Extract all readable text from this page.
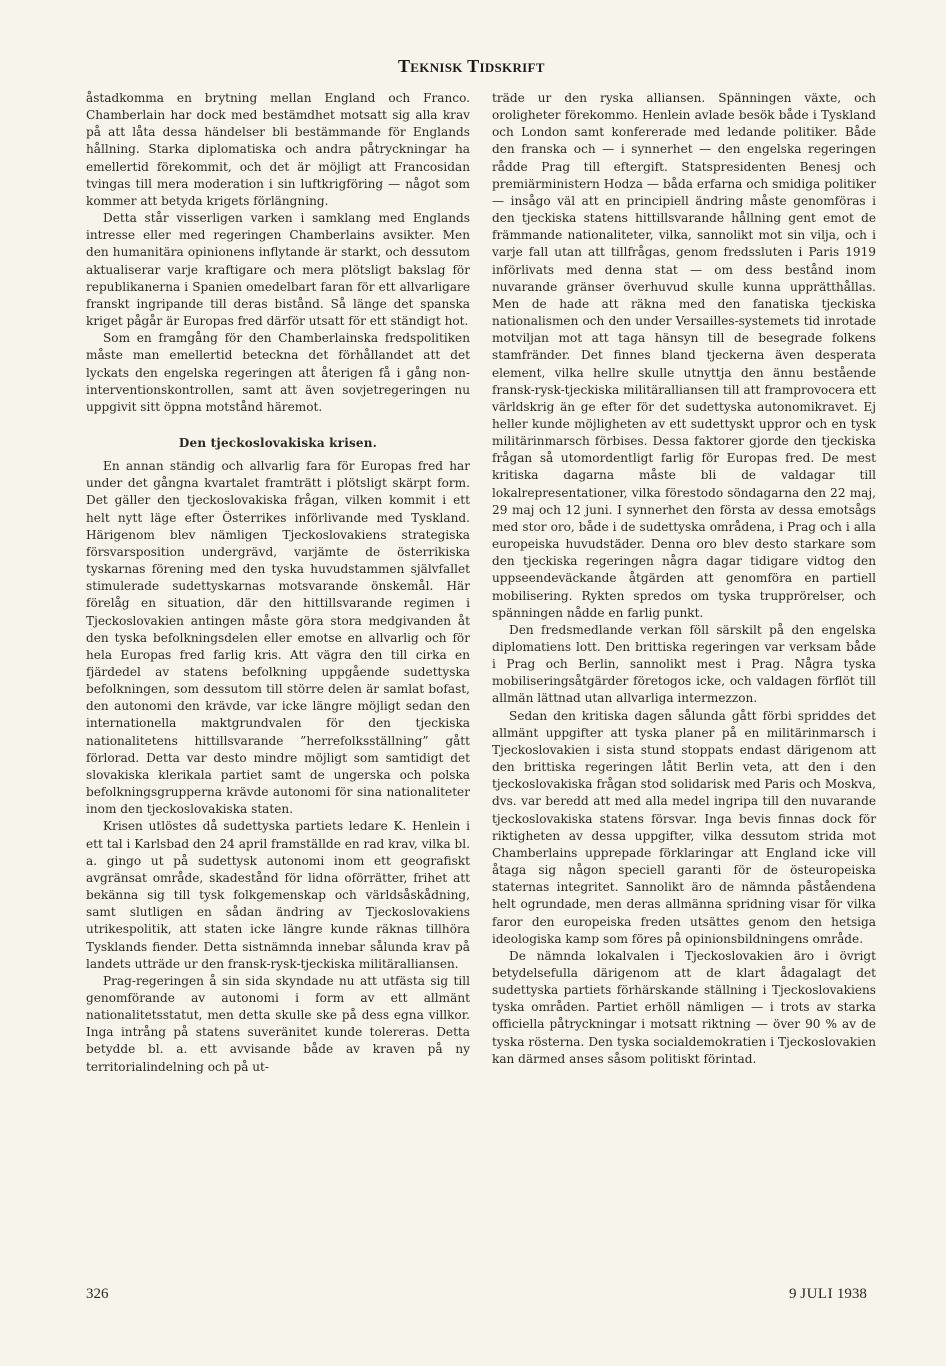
Teknisk Tidskrift

åstadkomma en brytning mellan England och Franco. Chamberlain har dock med bestämdhet motsatt sig alla krav på att låta dessa händelser bli bestämmande för Englands hållning. Starka diplomatiska och andra påtryckningar ha emellertid förekommit, och det är möjligt att Francosidan tvingas till mera moderation i sin luftkrigföring — något som kommer att betyda krigets förlängning.

Detta står visserligen varken i samklang med Englands intresse eller med regeringen Chamberlains avsikter. Men den humanitära opinionens inflytande är starkt, och dessutom aktualiserar varje kraftigare och mera plötsligt bakslag för republikanerna i Spanien omedelbart faran för ett allvarligare franskt ingripande till deras bistånd. Så länge det spanska kriget pågår är Europas fred därför utsatt för ett ständigt hot.

Som en framgång för den Chamberlainska fredspolitiken måste man emellertid beteckna det förhållandet att det lyckats den engelska regeringen att återigen få i gång non-interventionskontrollen, samt att även sovjetregeringen nu uppgivit sitt öppna motstånd häremot.

Den tjeckoslovakiska krisen.

En annan ständig och allvarlig fara för Europas fred har under det gångna kvartalet framträtt i plötsligt skärpt form. Det gäller den tjeckoslovakiska frågan, vilken kommit i ett helt nytt läge efter Österrikes införlivande med Tyskland. Härigenom blev nämligen Tjeckoslovakiens strategiska försvarsposition undergrävd, varjämte de österrikiska tyskarnas förening med den tyska huvudstammen självfallet stimulerade sudettyskarnas motsvarande önskemål. Här förelåg en situation, där den hittillsvarande regimen i Tjeckoslovakien antingen måste göra stora medgivanden åt den tyska befolkningsdelen eller emotse en allvarlig och för hela Europas fred farlig kris. Att vägra den till cirka en fjärdedel av statens befolkning uppgående sudettyska befolkningen, som dessutom till större delen är samlat bofast, den autonomi den krävde, var icke längre möjligt sedan den internationella maktgrundvalen för den tjeckiska nationalitetens hittillsvarande ”herrefolksställning” gått förlorad. Detta var desto mindre möjligt som samtidigt det slovakiska klerikala partiet samt de ungerska och polska befolkningsgrupperna krävde autonomi för sina nationaliteter inom den tjeckoslovakiska staten.

Krisen utlöstes då sudettyska partiets ledare K. Henlein i ett tal i Karlsbad den 24 april framställde en rad krav, vilka bl. a. gingo ut på sudettysk autonomi inom ett geografiskt avgränsat område, skadestånd för lidna oförrätter, frihet att bekänna sig till tysk folkgemenskap och världsåskådning, samt slutligen en sådan ändring av Tjeckoslovakiens utrikespolitik, att staten icke längre kunde räknas tillhöra Tysklands fiender. Detta sistnämnda innebar sålunda krav på landets utträde ur den fransk-rysk-tjeckiska militäralliansen.

Prag-regeringen å sin sida skyndade nu att utfästa sig till genomförande av autonomi i form av ett allmänt nationalitetsstatut, men detta skulle ske på dess egna villkor. Inga intrång på statens suveränitet kunde tolereras. Detta betydde bl. a. ett avvisande både av kraven på ny territorialindelning och på ut-

träde ur den ryska alliansen. Spänningen växte, och oroligheter förekommo. Henlein avlade besök både i Tyskland och London samt konfererade med ledande politiker. Både den franska och — i synnerhet — den engelska regeringen rådde Prag till eftergift. Statspresidenten Benesj och premiärministern Hodza — båda erfarna och smidiga politiker — insågo väl att en principiell ändring måste genomföras i den tjeckiska statens hittillsvarande hållning gent emot de främmande nationaliteter, vilka, sannolikt mot sin vilja, och i varje fall utan att tillfrågas, genom fredssluten i Paris 1919 införlivats med denna stat — om dess bestånd inom nuvarande gränser överhuvud skulle kunna upprätthållas. Men de hade att räkna med den fanatiska tjeckiska nationalismen och den under Versailles-systemets tid inrotade motviljan mot att taga hänsyn till de besegrade folkens stamfränder. Det finnes bland tjeckerna även desperata element, vilka hellre skulle utnyttja den ännu bestående fransk-rysk-tjeckiska militäralliansen till att framprovocera ett världskrig än ge efter för det sudettyska autonomikravet. Ej heller kunde möjligheten av ett sudettyskt uppror och en tysk militärinmarsch förbises. Dessa faktorer gjorde den tjeckiska frågan så utomordentligt farlig för Europas fred. De mest kritiska dagarna måste bli de valdagar till lokalrepresentationer, vilka förestodo söndagarna den 22 maj, 29 maj och 12 juni. I synnerhet den första av dessa emotsågs med stor oro, både i de sudettyska områdena, i Prag och i alla europeiska huvudstäder. Denna oro blev desto starkare som den tjeckiska regeringen några dagar tidigare vidtog den uppseendeväckande åtgärden att genomföra en partiell mobilisering. Rykten spredos om tyska trupprörelser, och spänningen nådde en farlig punkt.

Den fredsmedlande verkan föll särskilt på den engelska diplomatiens lott. Den brittiska regeringen var verksam både i Prag och Berlin, sannolikt mest i Prag. Några tyska mobiliseringsåtgärder företogos icke, och valdagen förflöt till allmän lättnad utan allvarliga intermezzon.

Sedan den kritiska dagen sålunda gått förbi spriddes det allmänt uppgifter att tyska planer på en militärinmarsch i Tjeckoslovakien i sista stund stoppats endast därigenom att den brittiska regeringen låtit Berlin veta, att den i den tjeckoslovakiska frågan stod solidarisk med Paris och Moskva, dvs. var beredd att med alla medel ingripa till den nuvarande tjeckoslovakiska statens försvar. Inga bevis finnas dock för riktigheten av dessa uppgifter, vilka dessutom strida mot Chamberlains upprepade förklaringar att England icke vill åtaga sig någon speciell garanti för de östeuropeiska staternas integritet. Sannolikt äro de nämnda påståendena helt ogrundade, men deras allmänna spridning visar för vilka faror den europeiska freden utsättes genom den hetsiga ideologiska kamp som föres på opinionsbildningens område.

De nämnda lokalvalen i Tjeckoslovakien äro i övrigt betydelsefulla därigenom att de klart ådagalagt det sudettyska partiets förhärskande ställning i Tjeckoslovakiens tyska områden. Partiet erhöll nämligen — i trots av starka officiella påtryckningar i motsatt riktning — över 90 % av de tyska rösterna. Den tyska socialdemokratien i Tjeckoslovakien kan därmed anses såsom politiskt förintad.

326	9 JULI 1938
